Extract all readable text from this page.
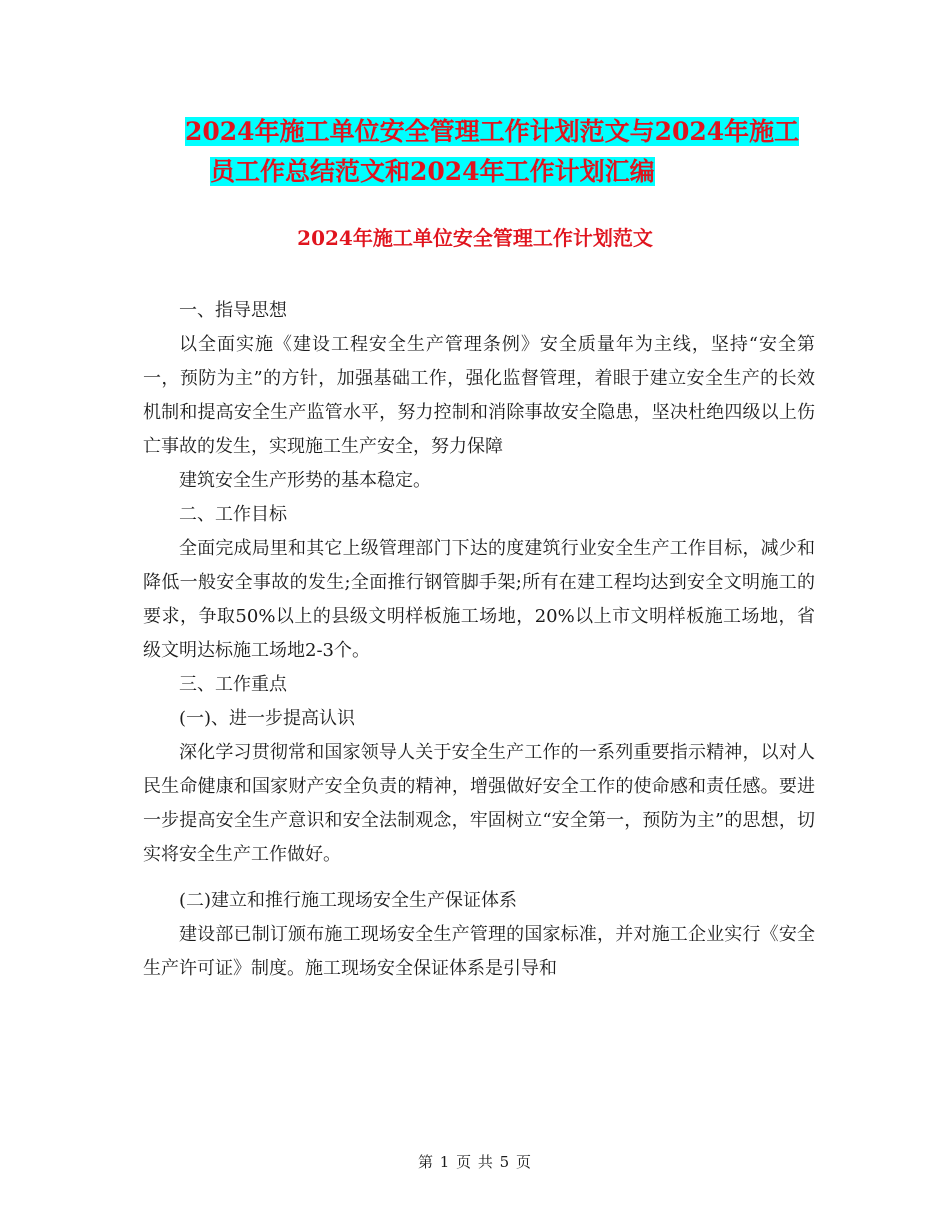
2024年施工单位安全管理工作计划范文与2024年施工
员工作总结范文和2024年工作计划汇编
2024年施工单位安全管理工作计划范文

一、指导思想

以全面实施《建设工程安全生产管理条例》安全质量年为主线，坚持“安全第一，预防为主”的方针，加强基础工作，强化监督管理，着眼于建立安全生产的长效机制和提高安全生产监管水平，努力控制和消除事故安全隐患，坚决杜绝四级以上伤亡事故的发生，实现施工生产安全，努力保障

建筑安全生产形势的基本稳定。

二、工作目标

全面完成局里和其它上级管理部门下达的度建筑行业安全生产工作目标，减少和降低一般安全事故的发生;全面推行钢管脚手架;所有在建工程均达到安全文明施工的要求，争取50%以上的县级文明样板施工场地，20%以上市文明样板施工场地，省级文明达标施工场地2-3个。

三、工作重点

(一)、进一步提高认识

深化学习贯彻常和国家领导人关于安全生产工作的一系列重要指示精神，以对人民生命健康和国家财产安全负责的精神，增强做好安全工作的使命感和责任感。要进一步提高安全生产意识和安全法制观念，牢固树立“安全第一，预防为主”的思想，切实将安全生产工作做好。

(二)建立和推行施工现场安全生产保证体系

建设部已制订颁布施工现场安全生产管理的国家标准，并对施工企业实行《安全生产许可证》制度。施工现场安全保证体系是引导和

第 1 页 共 5 页
